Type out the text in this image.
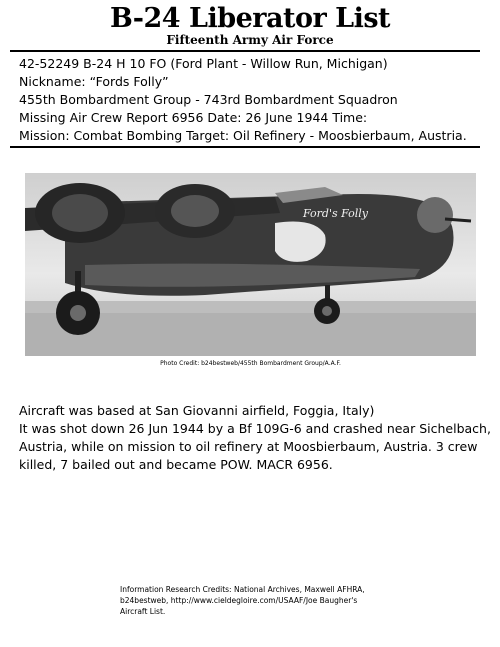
B-24 Liberator List
Fifteenth Army Air Force
42-52249 B-24 H 10 FO (Ford Plant - Willow Run, Michigan)
Nickname: “Fords Folly”
455th Bombardment Group - 743rd Bombardment Squadron
Missing Air Crew Report 6956 Date: 26 June 1944 Time:
Mission: Combat Bombing Target: Oil Refinery - Moosbierbaum, Austria.
Ford's Folly
Photo Credit: b24bestweb/455th Bombardment Group/A.A.F.
Aircraft was based at San Giovanni airfield, Foggia, Italy)
It was shot down 26 Jun 1944 by a Bf 109G-6 and crashed near Sichelbach,
Austria, while on mission to oil refinery at Moosbierbaum, Austria. 3 crew
killed, 7 bailed out and became POW. MACR 6956.
Information Research Credits: National Archives, Maxwell AFHRA,
b24bestweb, http://www.cieldegloire.com/USAAF/Joe Baugher's
Aircraft List.
